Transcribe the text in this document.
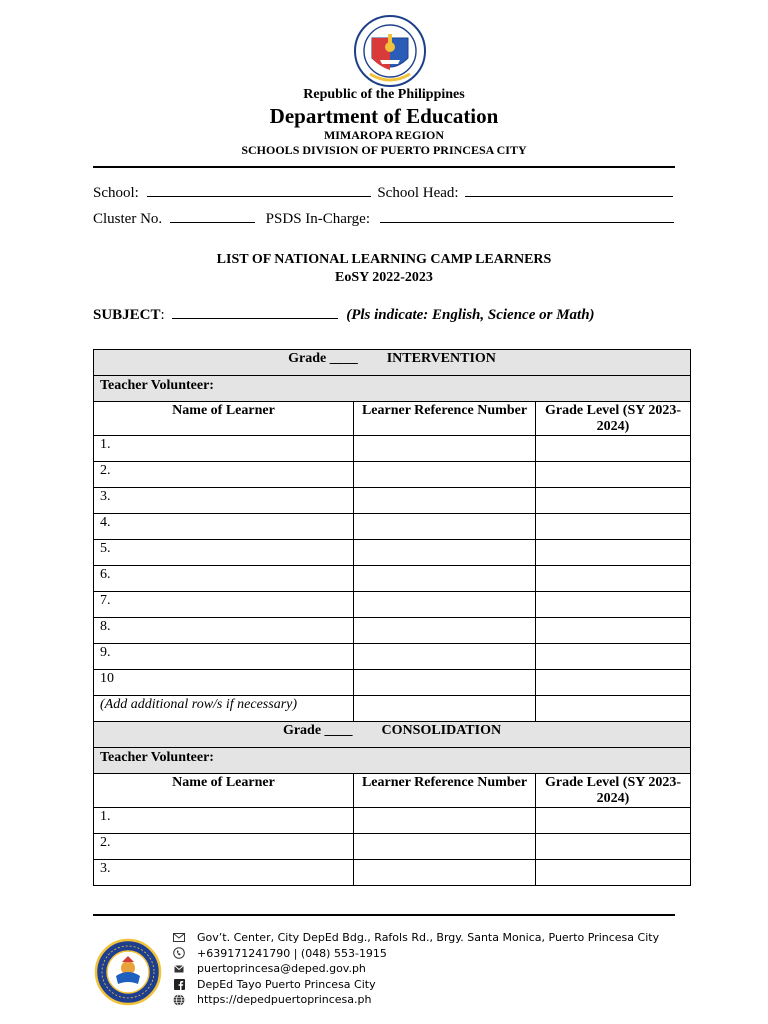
Republic of the Philippines
Department of Education
MIMAROPA REGION
SCHOOLS DIVISION OF PUERTO PRINCESA CITY
School:	School Head:
Cluster No.	PSDS In-Charge:
LIST OF NATIONAL LEARNING CAMP LEARNERS
EoSY 2022-2023
SUBJECT:	(Pls indicate: English, Science or Math)
Grade ____ INTERVENTION		
Teacher Volunteer:		
Name of Learner	Learner Reference Number	Grade Level (SY 2023-2024)
1.		
2.		
3.		
4.		
5.		
6.		
7.		
8.		
9.		
10		
(Add additional row/s if necessary)		
Grade ____ CONSOLIDATION		
Teacher Volunteer:		
Name of Learner	Learner Reference Number	Grade Level (SY 2023-2024)
1.		
2.		
3.		
Gov’t. Center, City DepEd Bdg., Rafols Rd., Brgy. Santa Monica, Puerto Princesa City
+639171241790 | (048) 553-1915
puertoprincesa@deped.gov.ph
DepEd Tayo Puerto Princesa City
https://depedpuertoprincesa.ph
